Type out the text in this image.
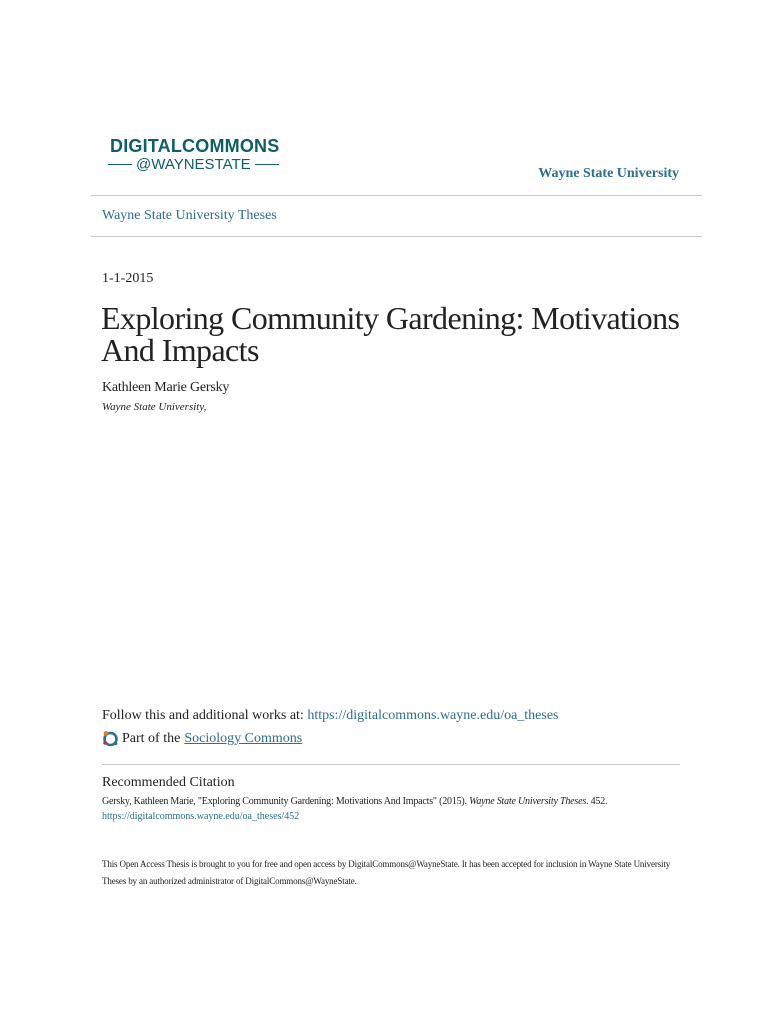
DIGITALCOMMONS
@WAYNESTATE
Wayne State University
Wayne State University Theses
1-1-2015
Exploring Community Gardening: Motivations And Impacts
Kathleen Marie Gersky
Wayne State University,
Follow this and additional works at: https://digitalcommons.wayne.edu/oa_theses
Part of the Sociology Commons
Recommended Citation
Gersky, Kathleen Marie, "Exploring Community Gardening: Motivations And Impacts" (2015). Wayne State University Theses. 452.
https://digitalcommons.wayne.edu/oa_theses/452
This Open Access Thesis is brought to you for free and open access by DigitalCommons@WayneState. It has been accepted for inclusion in Wayne State University Theses by an authorized administrator of DigitalCommons@WayneState.
